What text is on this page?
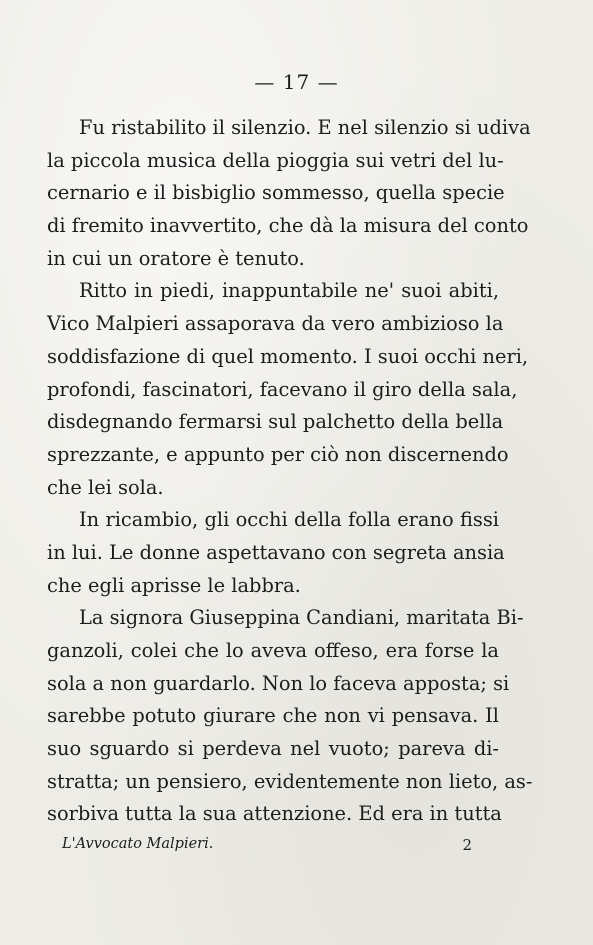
— 17 —
Fu ristabilito il silenzio. E nel silenzio si udiva
la piccola musica della pioggia sui vetri del lu-
cernario e il bisbiglio sommesso, quella specie
di fremito inavvertito, che dà la misura del conto
in cui un oratore è tenuto.
Ritto in piedi, inappuntabile ne' suoi abiti,
Vico Malpieri assaporava da vero ambizioso la
soddisfazione di quel momento. I suoi occhi neri,
profondi, fascinatori, facevano il giro della sala,
disdegnando fermarsi sul palchetto della bella
sprezzante, e appunto per ciò non discernendo
che lei sola.
In ricambio, gli occhi della folla erano fissi
in lui. Le donne aspettavano con segreta ansia
che egli aprisse le labbra.
La signora Giuseppina Candiani, maritata Bi-
ganzoli, colei che lo aveva offeso, era forse la
sola a non guardarlo. Non lo faceva apposta; si
sarebbe potuto giurare che non vi pensava. Il
suo sguardo si perdeva nel vuoto; pareva di-
stratta; un pensiero, evidentemente non lieto, as-
sorbiva tutta la sua attenzione. Ed era in tutta
L'Avvocato Malpieri.	2
